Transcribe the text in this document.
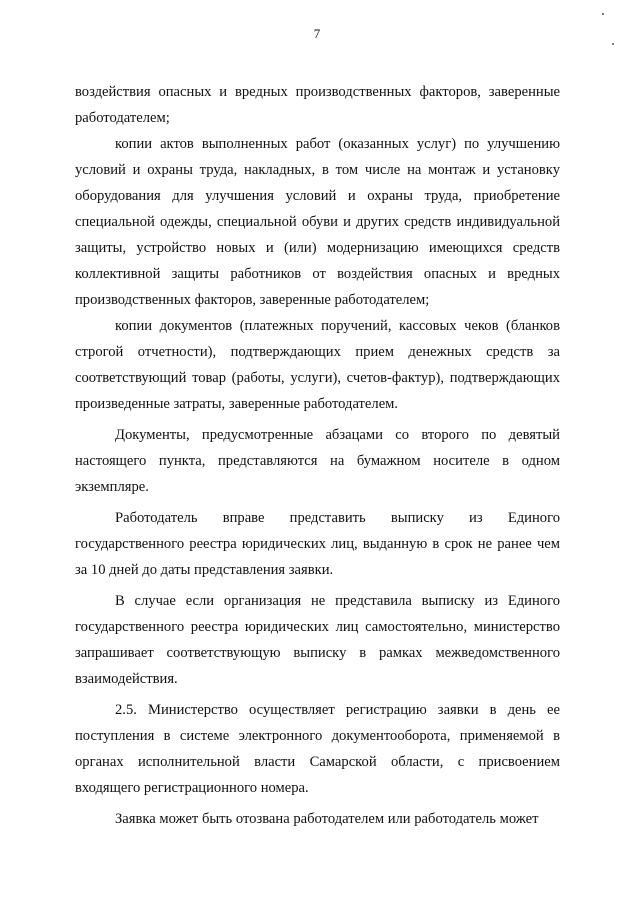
7

воздействия опасных и вредных производственных факторов, заверенные работодателем;

копии актов выполненных работ (оказанных услуг) по улучшению условий и охраны труда, накладных, в том числе на монтаж и установку оборудования для улучшения условий и охраны труда, приобретение специальной одежды, специальной обуви и других средств индивидуальной защиты, устройство новых и (или) модернизацию имеющихся средств коллективной защиты работников от воздействия опасных и вредных производственных факторов, заверенные работодателем;

копии документов (платежных поручений, кассовых чеков (бланков строгой отчетности), подтверждающих прием денежных средств за соответствующий товар (работы, услуги), счетов-фактур), подтверждающих произведенные затраты, заверенные работодателем.

Документы, предусмотренные абзацами со второго по девятый настоящего пункта, представляются на бумажном носителе в одном экземпляре.

Работодатель вправе представить выписку из Единого государственного реестра юридических лиц, выданную в срок не ранее чем за 10 дней до даты представления заявки.

В случае если организация не представила выписку из Единого государственного реестра юридических лиц самостоятельно, министерство запрашивает соответствующую выписку в рамках межведомственного взаимодействия.

2.5. Министерство осуществляет регистрацию заявки в день ее поступления в системе электронного документооборота, применяемой в органах исполнительной власти Самарской области, с присвоением входящего регистрационного номера.

Заявка может быть отозвана работодателем или работодатель может
